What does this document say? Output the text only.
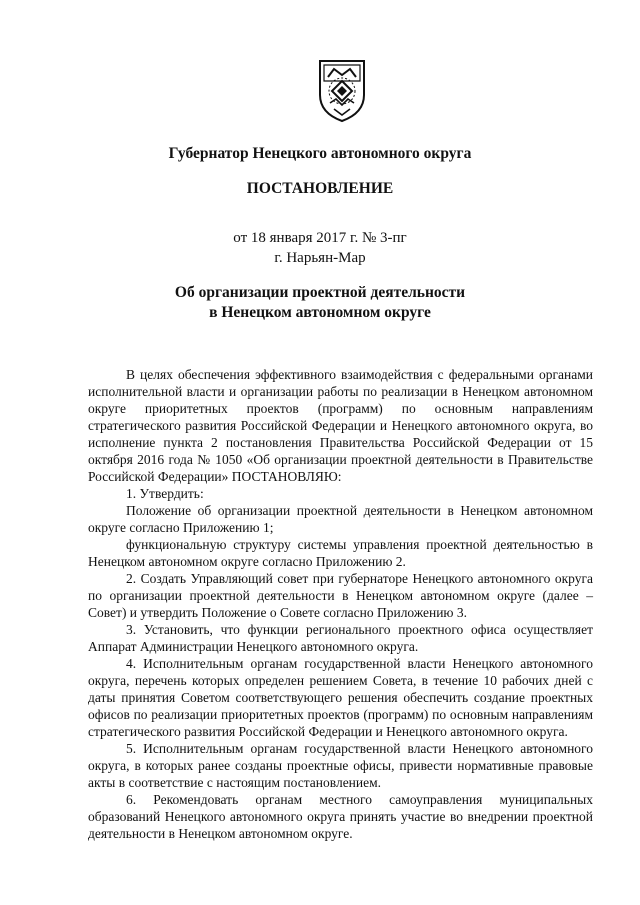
Губернатор Ненецкого автономного округа
ПОСТАНОВЛЕНИЕ
от 18 января 2017 г. № 3-пг
г. Нарьян-Мар
Об организации проектной деятельности
в Ненецком автономном округе

В целях обеспечения эффективного взаимодействия с федеральными органами исполнительной власти и организации работы по реализации в Ненецком автономном округе приоритетных проектов (программ) по основным направлениям стратегического развития Российской Федерации и Ненецкого автономного округа, во исполнение пункта 2 постановления Правительства Российской Федерации от 15 октября 2016 года № 1050 «Об организации проектной деятельности в Правительстве Российской Федерации» ПОСТАНОВЛЯЮ:

1. Утвердить:

Положение об организации проектной деятельности в Ненецком автономном округе согласно Приложению 1;

функциональную структуру системы управления проектной деятельностью в Ненецком автономном округе согласно Приложению 2.

2. Создать Управляющий совет при губернаторе Ненецкого автономного округа по организации проектной деятельности в Ненецком автономном округе (далее – Совет) и утвердить Положение о Совете согласно Приложению 3.

3. Установить, что функции регионального проектного офиса осуществляет Аппарат Администрации Ненецкого автономного округа.

4. Исполнительным органам государственной власти Ненецкого автономного округа, перечень которых определен решением Совета, в течение 10 рабочих дней с даты принятия Советом соответствующего решения обеспечить создание проектных офисов по реализации приоритетных проектов (программ) по основным направлениям стратегического развития Российской Федерации и Ненецкого автономного округа.

5. Исполнительным органам государственной власти Ненецкого автономного округа, в которых ранее созданы проектные офисы, привести нормативные правовые акты в соответствие с настоящим постановлением.

6. Рекомендовать органам местного самоуправления муниципальных образований Ненецкого автономного округа принять участие во внедрении проектной деятельности в Ненецком автономном округе.
